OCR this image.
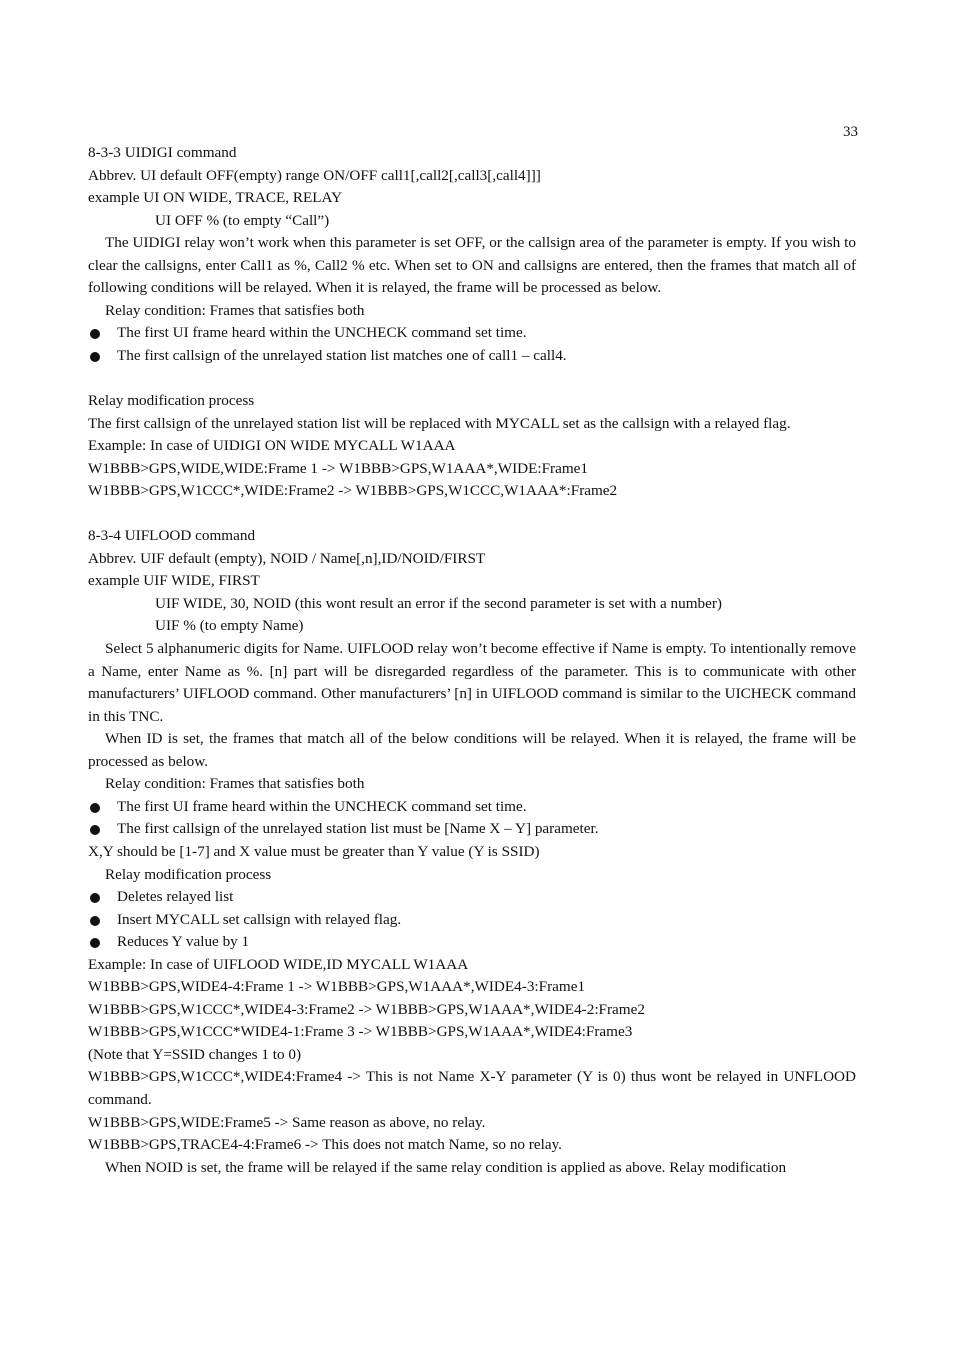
33
8-3-3 UIDIGI command
Abbrev. UI default OFF(empty) range ON/OFF call1[,call2[,call3[,call4]]]
example UI ON WIDE, TRACE, RELAY
UI OFF % (to empty “Call”)
The UIDIGI relay won’t work when this parameter is set OFF, or the callsign area of the parameter is empty. If you wish to clear the callsigns, enter Call1 as %, Call2 % etc. When set to ON and callsigns are entered, then the frames that match all of following conditions will be relayed. When it is relayed, the frame will be processed as below.
Relay condition: Frames that satisfies both
The first UI frame heard within the UNCHECK command set time.
The first callsign of the unrelayed station list matches one of call1 – call4.
Relay modification process
The first callsign of the unrelayed station list will be replaced with MYCALL set as the callsign with a relayed flag.
Example: In case of UIDIGI ON WIDE MYCALL W1AAA
W1BBB>GPS,WIDE,WIDE:Frame 1 -> W1BBB>GPS,W1AAA*,WIDE:Frame1
W1BBB>GPS,W1CCC*,WIDE:Frame2 -> W1BBB>GPS,W1CCC,W1AAA*:Frame2
8-3-4 UIFLOOD command
Abbrev. UIF default (empty), NOID / Name[,n],ID/NOID/FIRST
example UIF WIDE, FIRST
UIF WIDE, 30, NOID (this wont result an error if the second parameter is set with a number)
UIF % (to empty Name)
Select 5 alphanumeric digits for Name. UIFLOOD relay won’t become effective if Name is empty. To intentionally remove a Name, enter Name as %. [n] part will be disregarded regardless of the parameter. This is to communicate with other manufacturers’ UIFLOOD command. Other manufacturers’ [n] in UIFLOOD command is similar to the UICHECK command in this TNC.
When ID is set, the frames that match all of the below conditions will be relayed. When it is relayed, the frame will be processed as below.
Relay condition: Frames that satisfies both
The first UI frame heard within the UNCHECK command set time.
The first callsign of the unrelayed station list must be [Name X – Y] parameter.
X,Y should be [1-7] and X value must be greater than Y value (Y is SSID)
Relay modification process
Deletes relayed list
Insert MYCALL set callsign with relayed flag.
Reduces Y value by 1
Example: In case of UIFLOOD WIDE,ID MYCALL W1AAA
W1BBB>GPS,WIDE4-4:Frame 1 -> W1BBB>GPS,W1AAA*,WIDE4-3:Frame1
W1BBB>GPS,W1CCC*,WIDE4-3:Frame2 -> W1BBB>GPS,W1AAA*,WIDE4-2:Frame2
W1BBB>GPS,W1CCC*WIDE4-1:Frame 3 -> W1BBB>GPS,W1AAA*,WIDE4:Frame3
(Note that Y=SSID changes 1 to 0)
W1BBB>GPS,W1CCC*,WIDE4:Frame4 -> This is not Name X-Y parameter (Y is 0) thus wont be relayed in UNFLOOD command.
W1BBB>GPS,WIDE:Frame5 -> Same reason as above, no relay.
W1BBB>GPS,TRACE4-4:Frame6 -> This does not match Name, so no relay.
When NOID is set, the frame will be relayed if the same relay condition is applied as above. Relay modification
